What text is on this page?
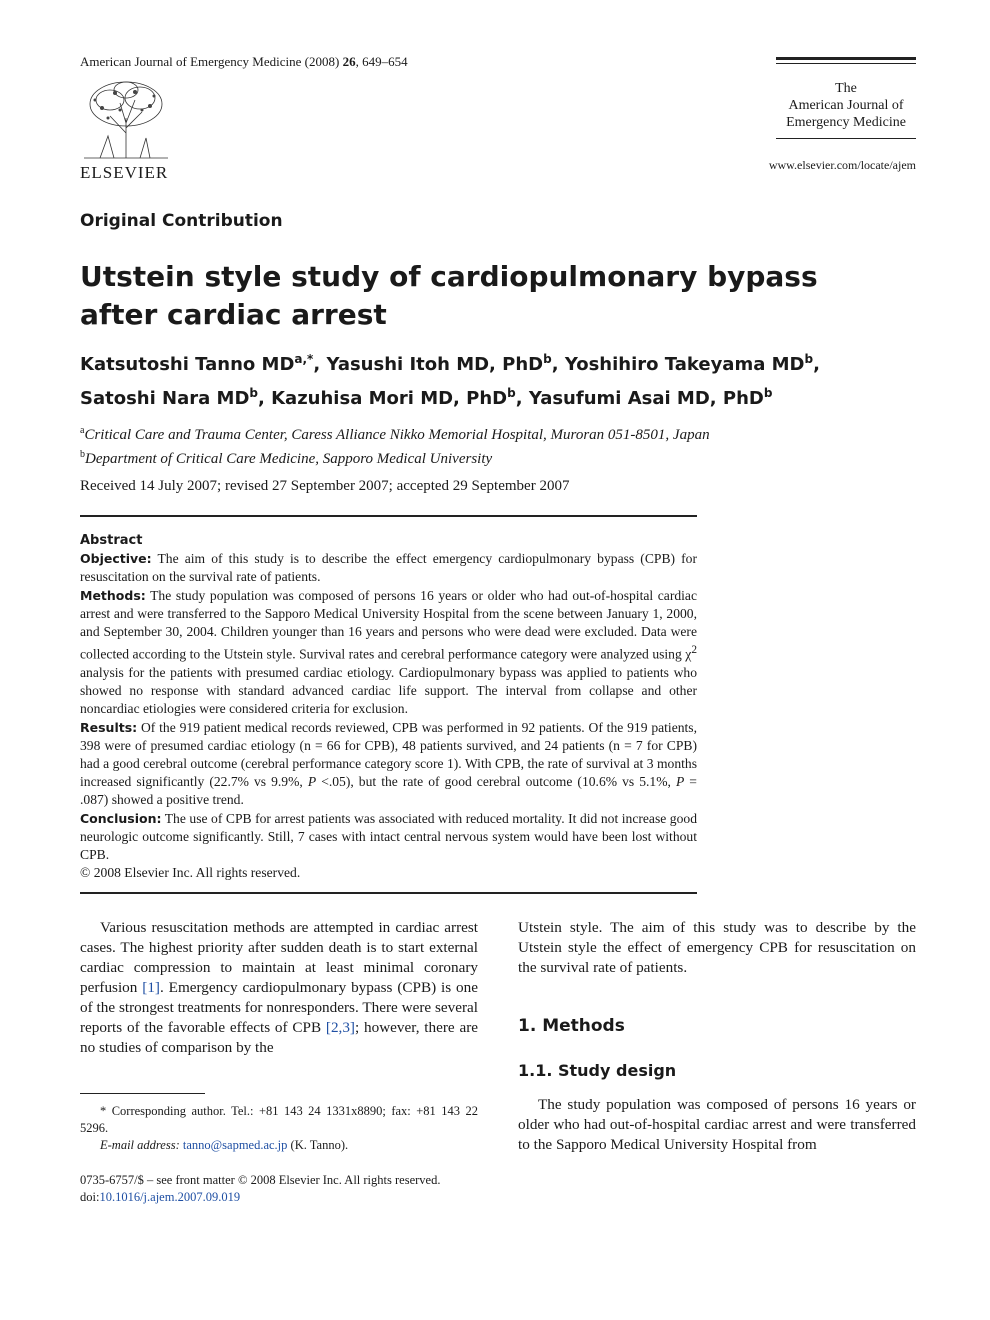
American Journal of Emergency Medicine (2008) 26, 649–654
ELSEVIER
The
American Journal of
Emergency Medicine
www.elsevier.com/locate/ajem
Original Contribution
Utstein style study of cardiopulmonary bypass
after cardiac arrest
Katsutoshi Tanno $MD^{a,*}$, Yasushi Itoh MD, PhD$^b$, Yoshihiro Takeyama $MD^b$,
Satoshi Nara $MD^b$, Kazuhisa Mori MD, PhD$^b$, Yasufumi Asai MD, PhD$^b$
$^a$Critical Care and Trauma Center, Caress Alliance Nikko Memorial Hospital, Muroran 051-8501, Japan
$^b$Department of Critical Care Medicine, Sapporo Medical University
Received 14 July 2007; revised 27 September 2007; accepted 29 September 2007

Abstract

Objective: The aim of this study is to describe the effect emergency cardiopulmonary bypass (CPB) for resuscitation on the survival rate of patients.

Methods: The study population was composed of persons 16 years or older who had out-of-hospital cardiac arrest and were transferred to the Sapporo Medical University Hospital from the scene between January 1, 2000, and September 30, 2004. Children younger than 16 years and persons who were dead were excluded. Data were collected according to the Utstein style. Survival rates and cerebral performance category were analyzed using $\chi^2$ analysis for the patients with presumed cardiac etiology. Cardiopulmonary bypass was applied to patients who showed no response with standard advanced cardiac life support. The interval from collapse and other noncardiac etiologies were considered criteria for exclusion.

Results: Of the 919 patient medical records reviewed, CPB was performed in 92 patients. Of the 919 patients, 398 were of presumed cardiac etiology (n = 66 for CPB), 48 patients survived, and 24 patients (n = 7 for CPB) had a good cerebral outcome (cerebral performance category score 1). With CPB, the rate of survival at 3 months increased significantly (22.7% vs 9.9%, P <.05), but the rate of good cerebral outcome (10.6% vs 5.1%, P = .087) showed a positive trend.

Conclusion: The use of CPB for arrest patients was associated with reduced mortality. It did not increase good neurologic outcome significantly. Still, 7 cases with intact central nervous system would have been lost without CPB.

© 2008 Elsevier Inc. All rights reserved.

Various resuscitation methods are attempted in cardiac arrest cases. The highest priority after sudden death is to start external cardiac compression to maintain at least minimal coronary perfusion [1]. Emergency cardiopulmonary bypass (CPB) is one of the strongest treatments for nonresponders. There were several reports of the favorable effects of CPB [2,3]; however, there are no studies of comparison by the

* Corresponding author. Tel.: +81 143 24 1331x8890; fax: +81 143 22 5296.

E-mail address: tanno@sapmed.ac.jp (K. Tanno).

0735-6757/$ – see front matter © 2008 Elsevier Inc. All rights reserved.

doi:10.1016/j.ajem.2007.09.019

Utstein style. The aim of this study was to describe by the Utstein style the effect of emergency CPB for resuscitation on the survival rate of patients.

1. Methods
1.1. Study design

The study population was composed of persons 16 years or older who had out-of-hospital cardiac arrest and were transferred to the Sapporo Medical University Hospital from
